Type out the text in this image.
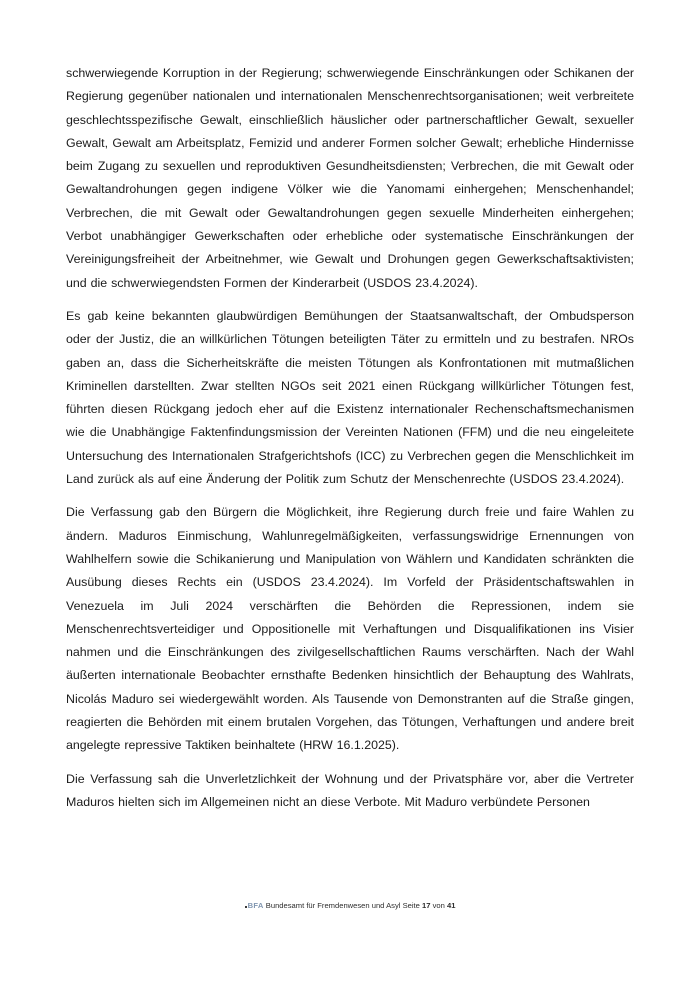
schwerwiegende Korruption in der Regierung; schwerwiegende Einschränkungen oder Schikanen der Regierung gegenüber nationalen und internationalen Menschenrechtsorganisationen; weit verbreitete geschlechtsspezifische Gewalt, einschließlich häuslicher oder partnerschaftlicher Gewalt, sexueller Gewalt, Gewalt am Arbeitsplatz, Femizid und anderer Formen solcher Gewalt; erhebliche Hindernisse beim Zugang zu sexuellen und reproduktiven Gesundheitsdiensten; Verbrechen, die mit Gewalt oder Gewaltandrohungen gegen indigene Völker wie die Yanomami einhergehen; Menschenhandel; Verbrechen, die mit Gewalt oder Gewaltandrohungen gegen sexuelle Minderheiten einhergehen; Verbot unabhängiger Gewerkschaften oder erhebliche oder systematische Einschränkungen der Vereinigungsfreiheit der Arbeitnehmer, wie Gewalt und Drohungen gegen Gewerkschaftsaktivisten; und die schwerwiegendsten Formen der Kinderarbeit (USDOS 23.4.2024).

Es gab keine bekannten glaubwürdigen Bemühungen der Staatsanwaltschaft, der Ombudsperson oder der Justiz, die an willkürlichen Tötungen beteiligten Täter zu ermitteln und zu bestrafen. NROs gaben an, dass die Sicherheitskräfte die meisten Tötungen als Konfrontationen mit mutmaßlichen Kriminellen darstellten. Zwar stellten NGOs seit 2021 einen Rückgang willkürlicher Tötungen fest, führten diesen Rückgang jedoch eher auf die Existenz internationaler Rechenschaftsmechanismen wie die Unabhängige Faktenfindungsmission der Vereinten Nationen (FFM) und die neu eingeleitete Untersuchung des Internationalen Strafgerichtshofs (ICC) zu Verbrechen gegen die Menschlichkeit im Land zurück als auf eine Änderung der Politik zum Schutz der Menschenrechte (USDOS 23.4.2024).

Die Verfassung gab den Bürgern die Möglichkeit, ihre Regierung durch freie und faire Wahlen zu ändern. Maduros Einmischung, Wahlunregelmäßigkeiten, verfassungswidrige Ernennungen von Wahlhelfern sowie die Schikanierung und Manipulation von Wählern und Kandidaten schränkten die Ausübung dieses Rechts ein (USDOS 23.4.2024). Im Vorfeld der Präsidentschaftswahlen in Venezuela im Juli 2024 verschärften die Behörden die Repressionen, indem sie Menschenrechtsverteidiger und Oppositionelle mit Verhaftungen und Disqualifikationen ins Visier nahmen und die Einschränkungen des zivilgesellschaftlichen Raums verschärften. Nach der Wahl äußerten internationale Beobachter ernsthafte Bedenken hinsichtlich der Behauptung des Wahlrats, Nicolás Maduro sei wiedergewählt worden. Als Tausende von Demonstranten auf die Straße gingen, reagierten die Behörden mit einem brutalen Vorgehen, das Tötungen, Verhaftungen und andere breit angelegte repressive Taktiken beinhaltete (HRW 16.1.2025).

Die Verfassung sah die Unverletzlichkeit der Wohnung und der Privatsphäre vor, aber die Vertreter Maduros hielten sich im Allgemeinen nicht an diese Verbote. Mit Maduro verbündete Personen

BFA Bundesamt für Fremdenwesen und Asyl Seite 17 von 41
